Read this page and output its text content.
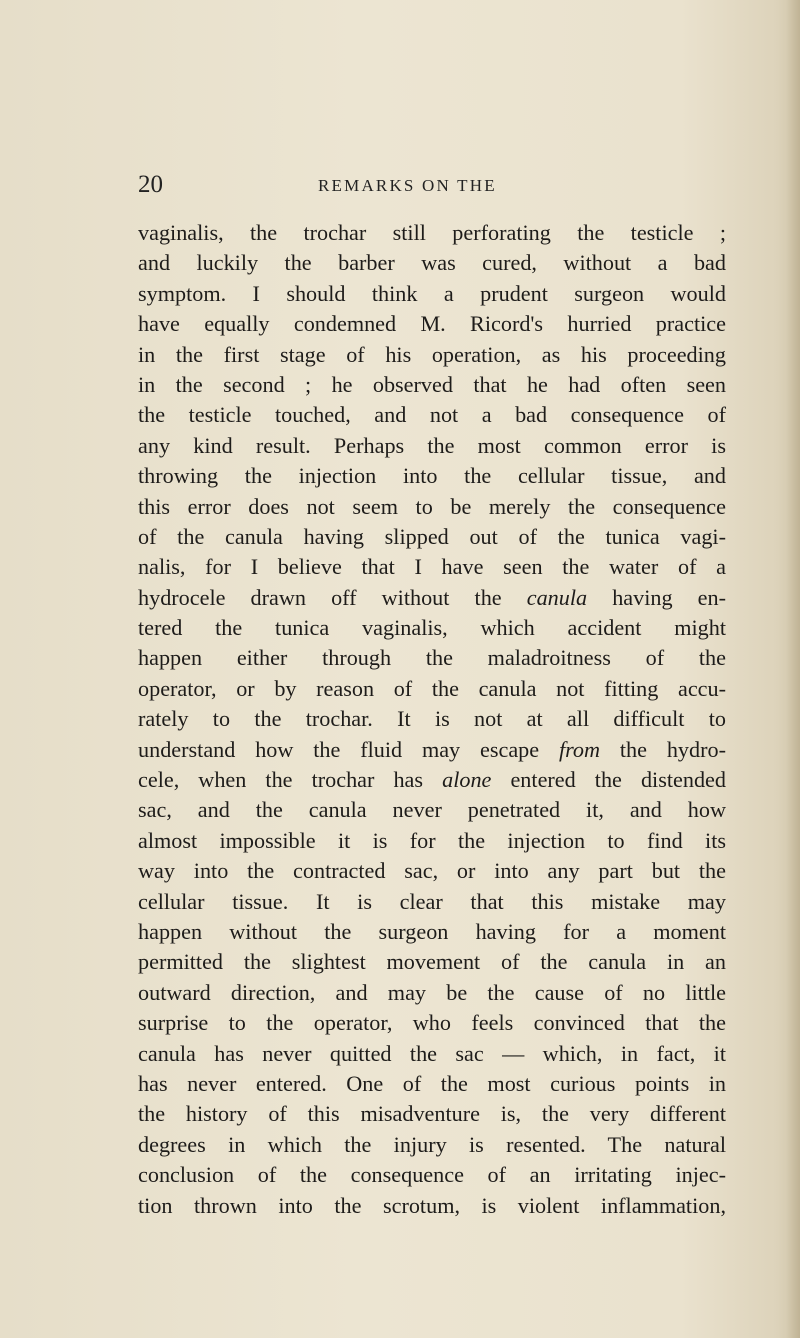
20	REMARKS ON THE
vaginalis, the trochar still perforating the testicle ;
and luckily the barber was cured, without a bad
symptom. I should think a prudent surgeon would
have equally condemned M. Ricord's hurried practice
in the first stage of his operation, as his proceeding
in the second ; he observed that he had often seen
the testicle touched, and not a bad consequence of
any kind result. Perhaps the most common error is
throwing the injection into the cellular tissue, and
this error does not seem to be merely the consequence
of the canula having slipped out of the tunica vagi-
nalis, for I believe that I have seen the water of a
hydrocele drawn off without the canula having en-
tered the tunica vaginalis, which accident might
happen either through the maladroitness of the
operator, or by reason of the canula not fitting accu-
rately to the trochar. It is not at all difficult to
understand how the fluid may escape from the hydro-
cele, when the trochar has alone entered the distended
sac, and the canula never penetrated it, and how
almost impossible it is for the injection to find its
way into the contracted sac, or into any part but the
cellular tissue. It is clear that this mistake may
happen without the surgeon having for a moment
permitted the slightest movement of the canula in an
outward direction, and may be the cause of no little
surprise to the operator, who feels convinced that the
canula has never quitted the sac — which, in fact, it
has never entered. One of the most curious points in
the history of this misadventure is, the very different
degrees in which the injury is resented. The natural
conclusion of the consequence of an irritating injec-
tion thrown into the scrotum, is violent inflammation,
